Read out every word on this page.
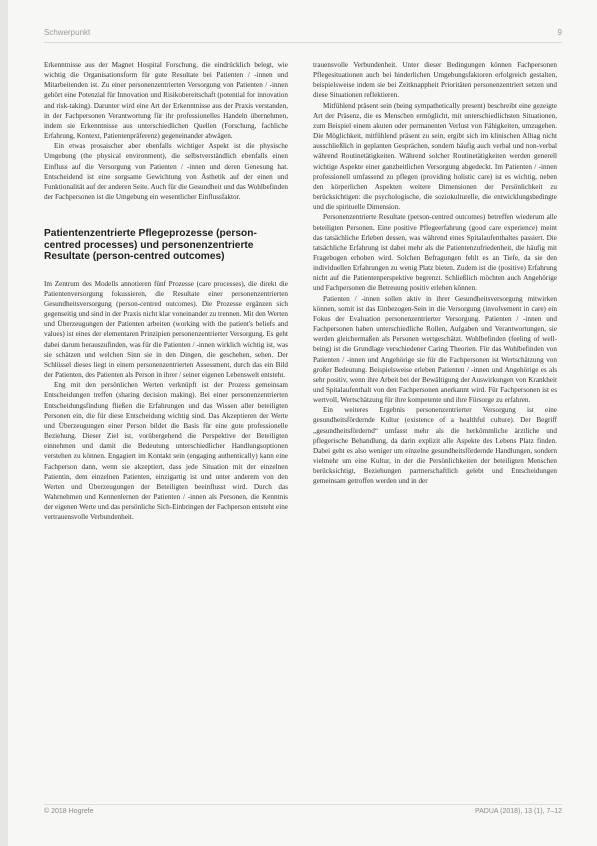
Schwerpunkt	9

Erkenntnisse aus der Magnet Hospital Forschung, die eindrücklich belegt, wie wichtig die Organisationsform für gute Resultate bei Patienten / -innen und Mitarbeitenden ist. Zu einer personenzentrierten Versorgung von Patienten / -innen gehört eine Potenzial für Innovation und Risikobereitschaft (potential for innovation and risk-taking). Darunter wird eine Art der Erkenntnisse aus der Praxis verstanden, in der Fachpersonen Verantwortung für ihr professionelles Handeln übernehmen, indem sie Erkenntnisse aus unterschiedlichen Quellen (Forschung, fachliche Erfahrung, Kontext, Patientenpräferenz) gegeneinander abwägen.

Ein etwas prosaischer aber ebenfalls wichtiger Aspekt ist die physische Umgebung (the physical environment), die selbstverständlich ebenfalls einen Einfluss auf die Versorgung von Patienten / -innen und deren Genesung hat. Entscheidend ist eine sorgsame Gewichtung von Ästhetik auf der einen und Funktionalität auf der anderen Seite. Auch für die Gesundheit und das Wohlbefinden der Fachpersonen ist die Umgebung ein wesentlicher Einflussfaktor.

Patientenzentrierte Pflegeprozesse (person-centred processes) und personenzentrierte Resultate (person-centred outcomes)

Im Zentrum des Modells annotieren fünf Prozesse (care processes), die direkt die Patientenversorgung fokussieren, die Resultate einer personenzentrierten Gesundheitsversorgung (person-centred outcomes). Die Prozesse ergänzen sich gegenseitig und sind in der Praxis nicht klar voneinander zu trennen. Mit den Werten und Überzeugungen der Patienten arbeiten (working with the patient's beliefs and values) ist eines der elementaren Prinzipien personenzentrierter Versorgung. Es geht dabei darum herauszufinden, was für die Patienten / -innen wirklich wichtig ist, was sie schätzen und welchen Sinn sie in den Dingen, die geschehen, sehen. Der Schlüssel dieses liegt in einem personenzentrierten Assessment, durch das ein Bild der Patienten, des Patienten als Person in ihrer / seiner eigenen Lebenswelt entsteht.

Eng mit den persönlichen Werten verknüpft ist der Prozess gemeinsam Entscheidungen treffen (sharing decision making). Bei einer personenzentrierten Entscheidungsfindung fließen die Erfahrungen und das Wissen aller beteiligten Personen ein, die für diese Entscheidung wichtig sind. Das Akzeptieren der Werte und Überzeugungen einer Person bildet die Basis für eine gute professionelle Beziehung. Dieser Ziel ist, vorübergehend die Perspektive der Beteiligten einnehmen und damit die Bedeutung unterschiedlicher Handlungsoptionen verstehen zu können. Engagiert im Kontakt sein (engaging authentically) kann eine Fachperson dann, wenn sie akzeptiert, dass jede Situation mit der einzelnen Patientin, dem einzelnen Patienten, einzigartig ist und unter anderem von den Werten und Überzeugungen der Beteiligten beeinflusst wird. Durch das Wahrnehmen und Kennenlernen der Patienten / -innen als Personen, die Kenntnis der eigenen Werte und das persönliche Sich-Einbringen der Fachperson entsteht eine vertrauensvolle Verbundenheit.

trauensvolle Verbundenheit. Unter dieser Bedingungen können Fachpersonen Pflegesituationen auch bei hinderlichen Umgebungsfaktoren erfolgreich gestalten, beispielsweise indem sie bei Zeitknappheit Prioritäten personenzentriert setzen und diese Situationen reflektieren.

Mitfühlend präsent sein (being sympathetically present) beschreibt eine gezeigte Art der Präsenz, die es Menschen ermöglicht, mit unterschiedlichsten Situationen, zum Beispiel einem akuten oder permanenten Verlust von Fähigkeiten, umzugehen. Die Möglichkeit, mitfühlend präsent zu sein, ergibt sich im klinischen Alltag nicht ausschließlich in geplanten Gesprächen, sondern häufig auch verbal und non-verbal während Routinetätigkeiten. Während solcher Routinetätigkeiten werden generell wichtige Aspekte einer ganzheitlichen Versorgung abgedeckt. Im Patienten / -innen professionell umfassend zu pflegen (providing holistic care) ist es wichtig, neben den körperlichen Aspekten weitere Dimensionen der Persönlichkeit zu berücksichtigen: die psychologische, die soziokulturelle, die entwicklungsbedingte und die spirituelle Dimension.

Personenzentrierte Resultate (person-centred outcomes) betreffen wiederum alle beteiligten Personen. Eine positive Pflegeerfahrung (good care experience) meint das tatsächliche Erleben dessen, was während eines Spitalaufenthaltes passiert. Die tatsächliche Erfahrung ist dabei mehr als die Patientenzufriedenheit, die häufig mit Fragebogen erhoben wird. Solchen Befragungen fehlt es an Tiefe, da sie den individuellen Erfahrungen zu wenig Platz bieten. Zudem ist die (positive) Erfahrung nicht auf die Patientenperspektive begrenzt. Schließlich möchten auch Angehörige und Fachpersonen die Betreuung positiv erleben können.

Patienten / -innen sollen aktiv in ihrer Gesundheitsversorgung mitwirken können, somit ist das Einbezogen-Sein in die Versorgung (involvement in care) ein Fokus der Evaluation personenzentrierter Versorgung. Patienten / -innen und Fachpersonen haben unterschiedliche Rollen, Aufgaben und Verantwortungen, sie werden gleichermaßen als Personen wertgeschätzt. Wohlbefinden (feeling of well-being) ist die Grundlage verschiedener Caring Theorien. Für das Wohlbefinden von Patienten / -innen und Angehörige sie für die Fachpersonen ist Wertschätzung von großer Bedeutung. Beispielsweise erleben Patienten / -innen und Angehörige es als sehr positiv, wenn ihre Arbeit bei der Bewältigung der Auswirkungen von Krankheit und Spitalaufenthalt von den Fachpersonen anerkannt wird. Für Fachpersonen ist es wertvoll, Wertschätzung für ihre kompetente und ihre Fürsorge zu erfahren.

Ein weiteres Ergebnis personenzentrierter Versorgung ist eine gesundheitsfördernde Kultur (existence of a healthful culture). Der Begriff „gesundheitsfördernd“ umfasst mehr als die herkömmliche ärztliche und pflegerische Behandlung, da darin explizit alle Aspekte des Lebens Platz finden. Dabei geht es also weniger um einzelne gesundheitsfördernde Handlungen, sondern vielmehr um eine Kultur, in der die Persönlichkeiten der beteiligten Menschen berücksichtigt, Beziehungen partnerschaftlich gelebt und Entscheidungen gemeinsam getroffen werden und in der

© 2018 Hogrefe	PADUA (2018), 13 (1), 7–12
